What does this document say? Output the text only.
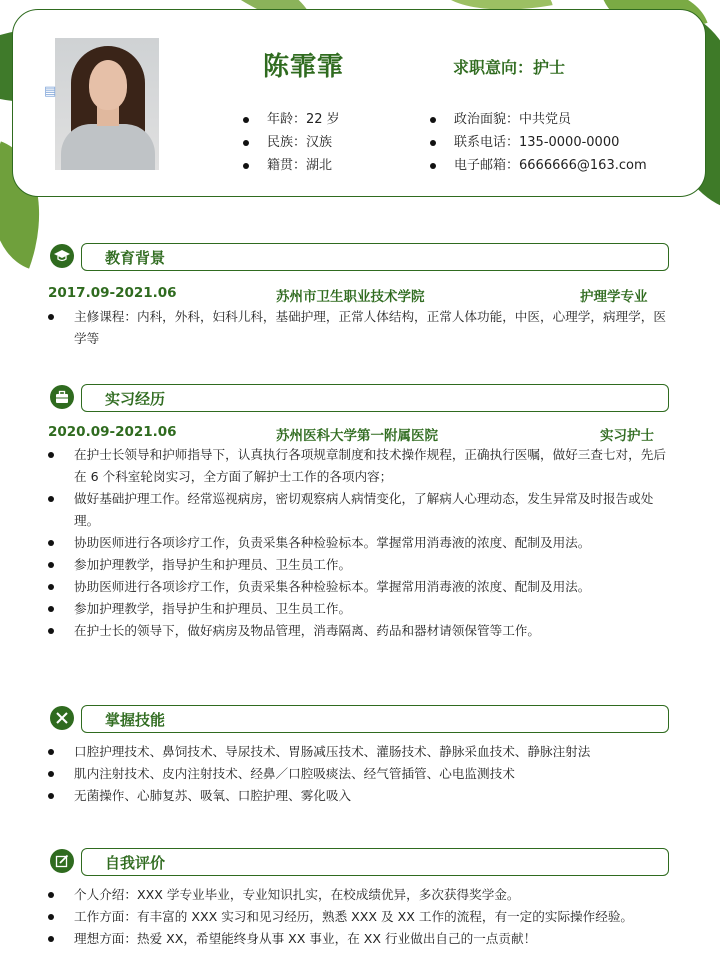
▤
陈霏霏	求职意向：护士
年龄：22 岁
民族：汉族
籍贯：湖北
政治面貌：中共党员
联系电话：135-0000-0000
电子邮箱：6666666@163.com
教育背景
2017.09-2021.06	苏州市卫生职业技术学院	护理学专业
主修课程：内科，外科，妇科儿科，基础护理，正常人体结构，正常人体功能，中医，心理学，病理学，医学等
实习经历
2020.09-2021.06	苏州医科大学第一附属医院	实习护士
在护士长领导和护师指导下，认真执行各项规章制度和技术操作规程，正确执行医嘱，做好三查七对，先后在 6 个科室轮岗实习，全方面了解护士工作的各项内容；
做好基础护理工作。经常巡视病房，密切观察病人病情变化，了解病人心理动态，发生异常及时报告或处理。
协助医师进行各项诊疗工作，负责采集各种检验标本。掌握常用消毒液的浓度、配制及用法。
参加护理教学，指导护生和护理员、卫生员工作。
协助医师进行各项诊疗工作，负责采集各种检验标本。掌握常用消毒液的浓度、配制及用法。
参加护理教学，指导护生和护理员、卫生员工作。
在护士长的领导下，做好病房及物品管理，消毒隔离、药品和器材请领保管等工作。
掌握技能
口腔护理技术、鼻饲技术、导尿技术、胃肠减压技术、灌肠技术、静脉采血技术、静脉注射法
肌内注射技术、皮内注射技术、经鼻／口腔吸痰法、经气管插管、心电监测技术
无菌操作、心肺复苏、吸氧、口腔护理、雾化吸入
自我评价
个人介绍：XXX 学专业毕业，专业知识扎实，在校成绩优异，多次获得奖学金。
工作方面：有丰富的 XXX 实习和见习经历，熟悉 XXX 及 XX 工作的流程，有一定的实际操作经验。
理想方面：热爱 XX，希望能终身从事 XX 事业，在 XX 行业做出自己的一点贡献！
